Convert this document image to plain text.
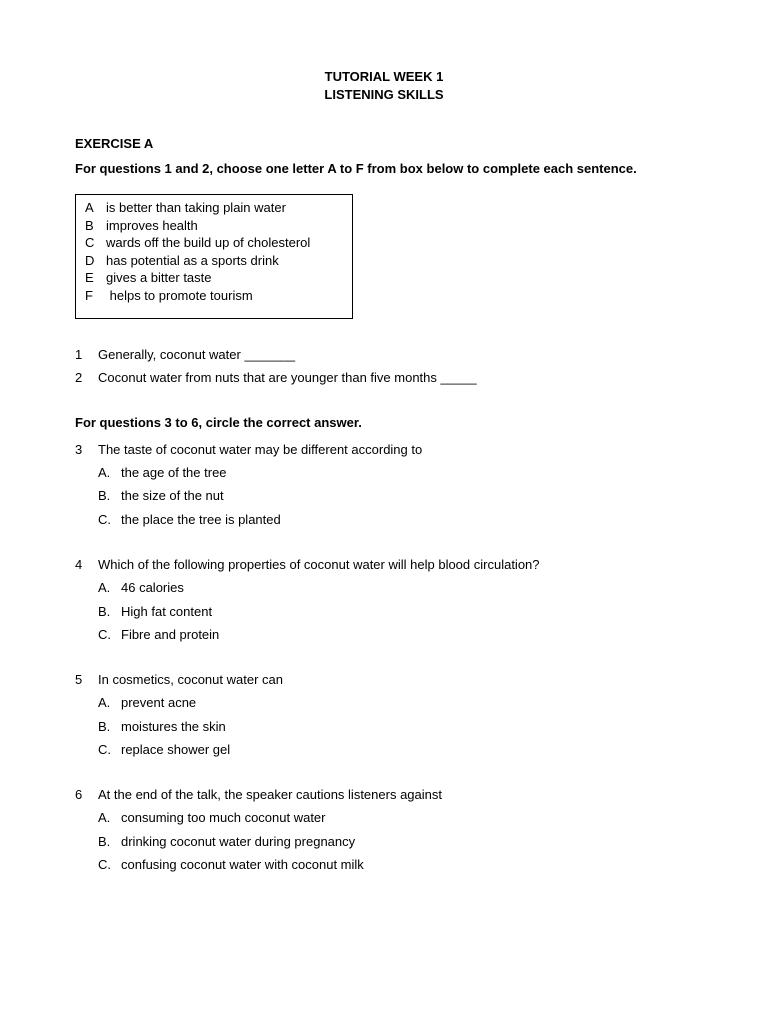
TUTORIAL WEEK 1
LISTENING SKILLS
EXERCISE A
For questions 1 and 2, choose one letter A to F from box below to complete each sentence.
A is better than taking plain water
B improves health
C wards off the build up of cholesterol
D has potential as a sports drink
E gives a bitter taste
F helps to promote tourism
1 Generally, coconut water _______
2 Coconut water from nuts that are younger than five months _____
For questions 3 to 6, circle the correct answer.
3 The taste of coconut water may be different according to
A. the age of the tree
B. the size of the nut
C. the place the tree is planted
4 Which of the following properties of coconut water will help blood circulation?
A. 46 calories
B. High fat content
C. Fibre and protein
5 In cosmetics, coconut water can
A. prevent acne
B. moistures the skin
C. replace shower gel
6 At the end of the talk, the speaker cautions listeners against
A. consuming too much coconut water
B. drinking coconut water during pregnancy
C. confusing coconut water with coconut milk
